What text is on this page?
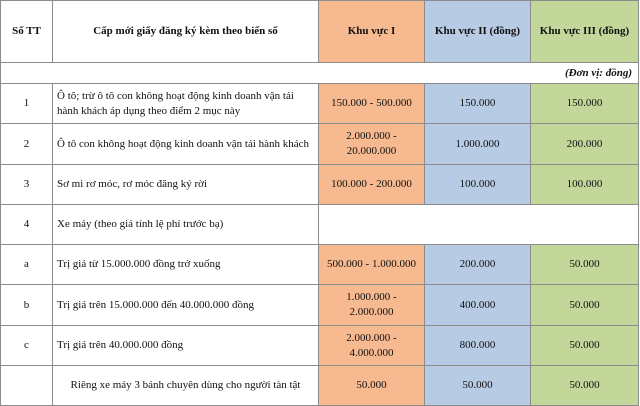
Số TT	Cấp mới giấy đăng ký kèm theo biển số	Khu vực I	Khu vực II (đồng)	Khu vực III (đồng)
(Đơn vị: đồng)				
1	Ô tô; trừ ô tô con không hoạt động kinh doanh vận tải hành khách áp dụng theo điểm 2 mục này	150.000 - 500.000	150.000	150.000
2	Ô tô con không hoạt động kinh doanh vận tải hành khách	2.000.000 - 20.000.000	1.000.000	200.000
3	Sơ mi rơ móc, rơ móc đăng ký rời	100.000 - 200.000	100.000	100.000
4	Xe máy (theo giá tính lệ phí trước bạ)			
a	Trị giá từ 15.000.000 đồng trở xuống	500.000 - 1.000.000	200.000	50.000
b	Trị giá trên 15.000.000 đến 40.000.000 đồng	1.000.000 - 2.000.000	400.000	50.000
c	Trị giá trên 40.000.000 đồng	2.000.000 - 4.000.000	800.000	50.000
	Riêng xe máy 3 bánh chuyên dùng cho người tàn tật	50.000	50.000	50.000
